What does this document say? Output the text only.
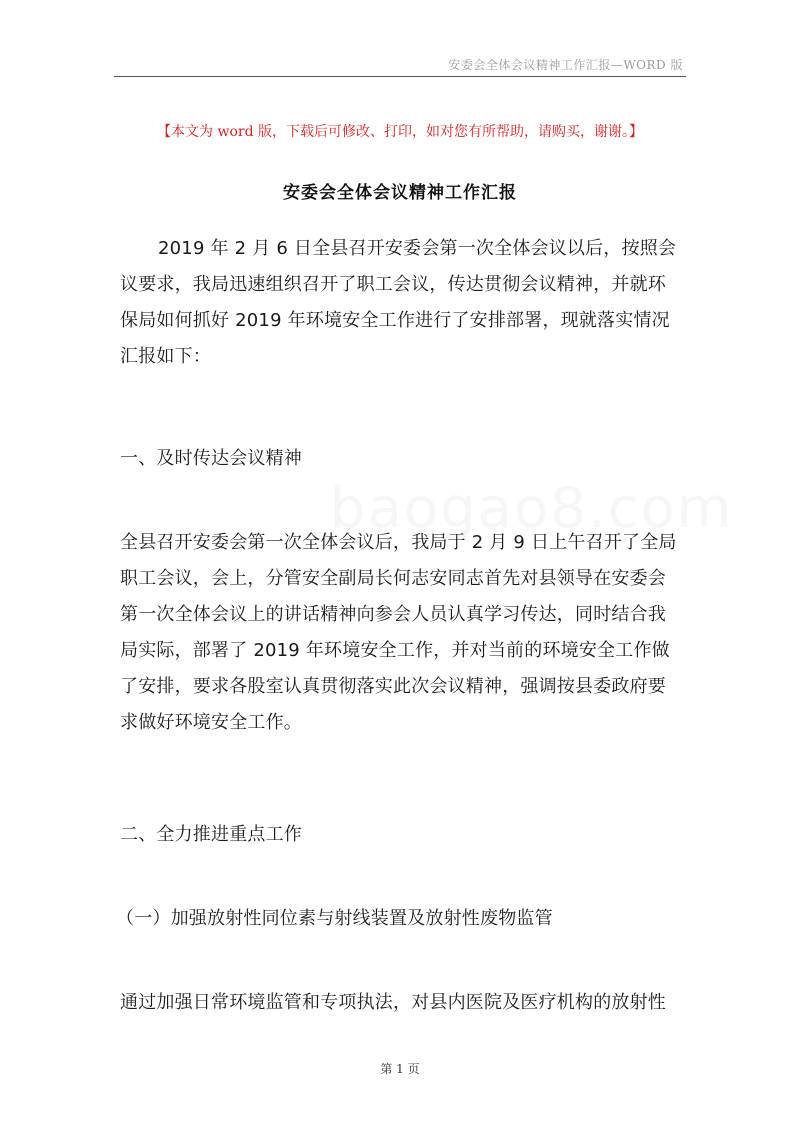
安委会全体会议精神工作汇报—WORD 版
【本文为 word 版，下载后可修改、打印，如对您有所帮助，请购买，谢谢。】
安委会全体会议精神工作汇报
2019 年 2 月 6 日全县召开安委会第一次全体会议以后，按照会
议要求，我局迅速组织召开了职工会议，传达贯彻会议精神，并就环
保局如何抓好 2019 年环境安全工作进行了安排部署，现就落实情况
汇报如下：
一、及时传达会议精神
全县召开安委会第一次全体会议后，我局于 2 月 9 日上午召开了全局
职工会议，会上，分管安全副局长何志安同志首先对县领导在安委会
第一次全体会议上的讲话精神向参会人员认真学习传达，同时结合我
局实际，部署了 2019 年环境安全工作，并对当前的环境安全工作做
了安排，要求各股室认真贯彻落实此次会议精神，强调按县委政府要
求做好环境安全工作。
二、全力推进重点工作
（一）加强放射性同位素与射线装置及放射性废物监管
通过加强日常环境监管和专项执法，对县内医院及医疗机构的放射性
baogao8.com
第 1 页
